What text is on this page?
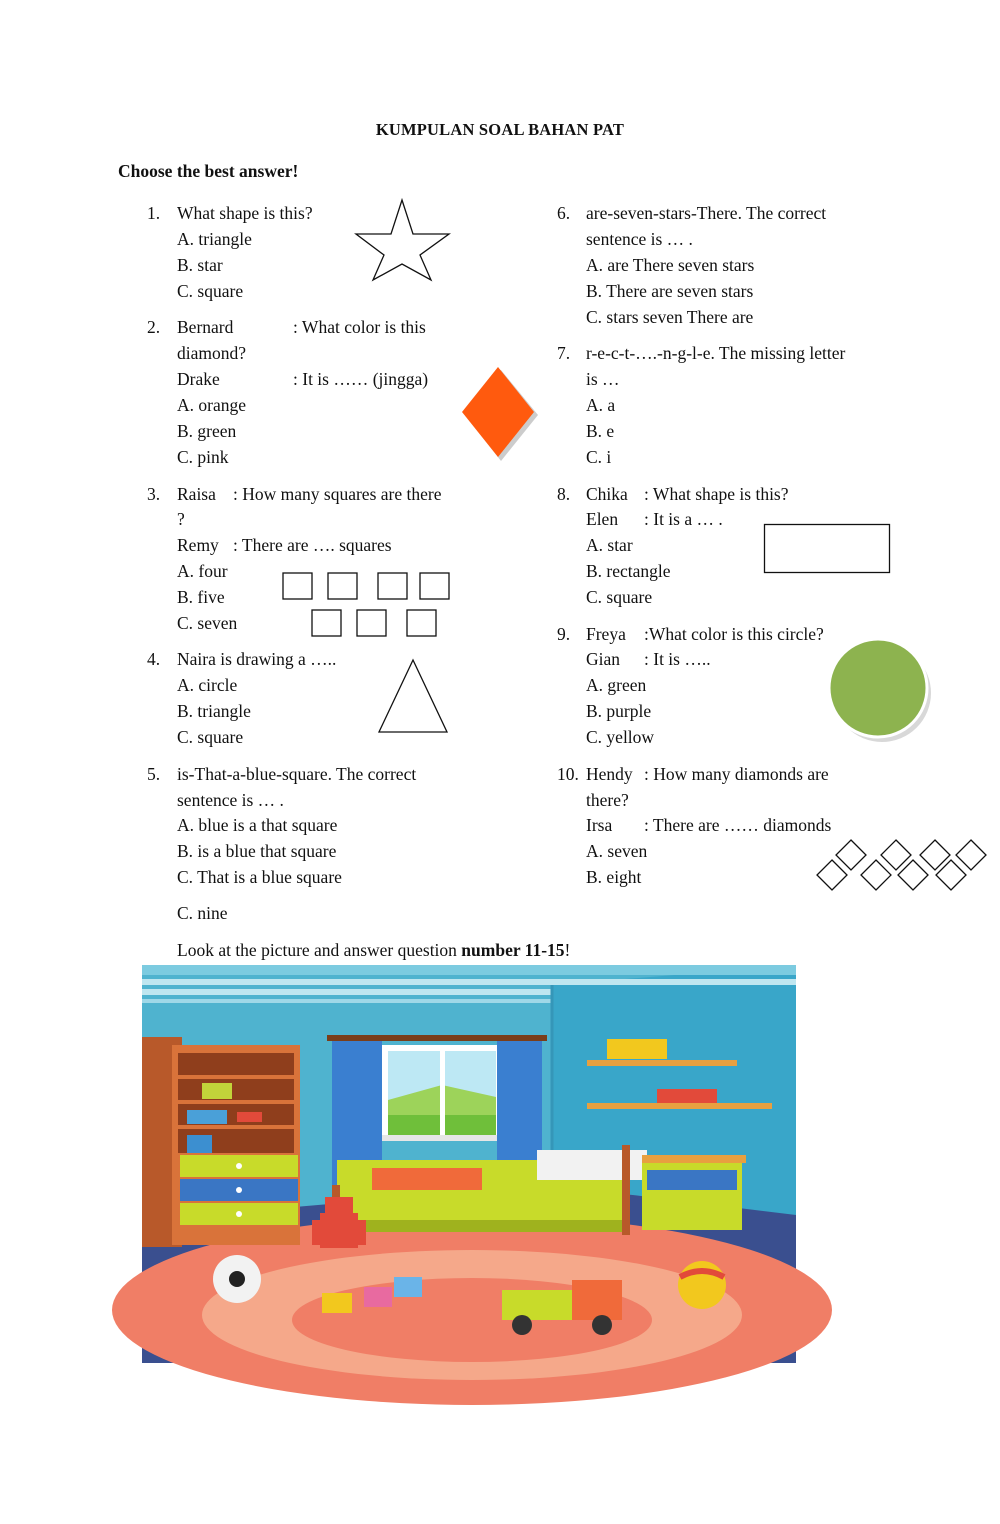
KUMPULAN SOAL BAHAN PAT
Choose the best answer!
1. What shape is this?
A. triangle
B. star
C. square
2. Bernard	: What color is this
diamond?
Drake	: It is …… (jingga)
A. orange
B. green
C. pink
3. Raisa : How many squares are there
?
Remy : There are …. squares
A. four
B. five
C. seven
4. Naira is drawing a …..
A. circle
B. triangle
C. square
5. is-That-a-blue-square. The correct
sentence is … .
A. blue is a that square
B. is a blue that square
C. That is a blue square
6. are-seven-stars-There. The correct
sentence is … .
A. are There seven stars
B. There are seven stars
C. stars seven There are
7. r-e-c-t-….-n-g-l-e. The missing letter
is …
A. a
B. e
C. i
8. Chika : What shape is this?
Elen : It is a … .
A. star
B. rectangle
C. square
9. Freya :What color is this circle?
Gian : It is …..
A. green
B. purple
C. yellow
10. Hendy : How many diamonds are
there?
Irsa : There are …… diamonds
A. seven
B. eight
C. nine
Look at the picture and answer question number 11-15!
